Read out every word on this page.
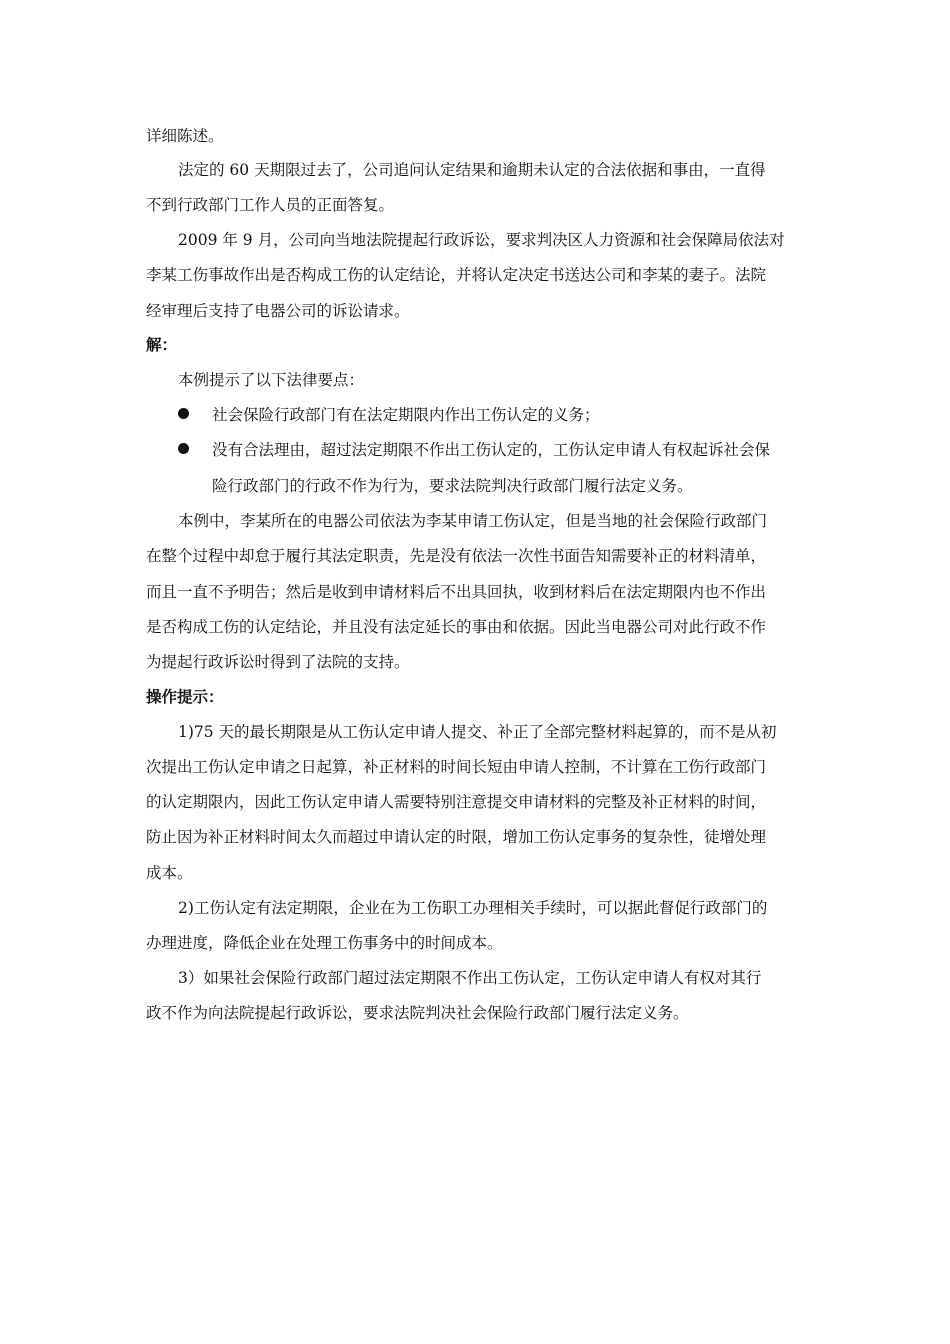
详细陈述。
法定的 60 天期限过去了，公司追问认定结果和逾期未认定的合法依据和事由，一直得
不到行政部门工作人员的正面答复。
2009 年 9 月，公司向当地法院提起行政诉讼，要求判决区人力资源和社会保障局依法对
李某工伤事故作出是否构成工伤的认定结论，并将认定决定书送达公司和李某的妻子。法院
经审理后支持了电器公司的诉讼请求。
解：
本例提示了以下法律要点：
社会保险行政部门有在法定期限内作出工伤认定的义务；
没有合法理由，超过法定期限不作出工伤认定的，工伤认定申请人有权起诉社会保
险行政部门的行政不作为行为，要求法院判决行政部门履行法定义务。
本例中，李某所在的电器公司依法为李某申请工伤认定，但是当地的社会保险行政部门
在整个过程中却怠于履行其法定职责，先是没有依法一次性书面告知需要补正的材料清单，
而且一直不予明告；然后是收到申请材料后不出具回执，收到材料后在法定期限内也不作出
是否构成工伤的认定结论，并且没有法定延长的事由和依据。因此当电器公司对此行政不作
为提起行政诉讼时得到了法院的支持。
操作提示：
1)75 天的最长期限是从工伤认定申请人提交、补正了全部完整材料起算的，而不是从初
次提出工伤认定申请之日起算，补正材料的时间长短由申请人控制，不计算在工伤行政部门
的认定期限内，因此工伤认定申请人需要特别注意提交申请材料的完整及补正材料的时间，
防止因为补正材料时间太久而超过申请认定的时限，增加工伤认定事务的复杂性，徒增处理
成本。
2)工伤认定有法定期限，企业在为工伤职工办理相关手续时，可以据此督促行政部门的
办理进度，降低企业在处理工伤事务中的时间成本。
3）如果社会保险行政部门超过法定期限不作出工伤认定，工伤认定申请人有权对其行
政不作为向法院提起行政诉讼，要求法院判决社会保险行政部门履行法定义务。
